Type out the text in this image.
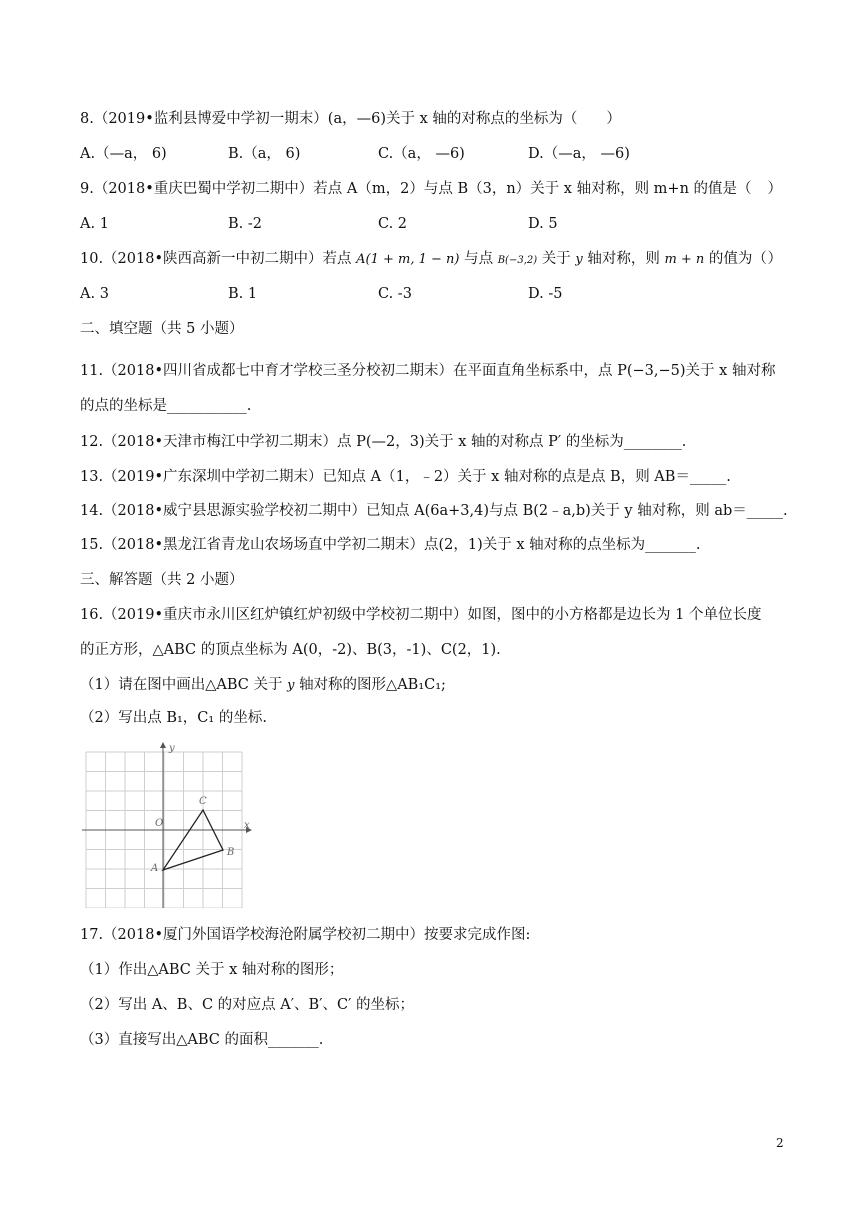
8.（2019•监利县博爱中学初一期末）(a，—6)关于 x 轴的对称点的坐标为（　　）
A.（—a， 6)	B.（a， 6)	C.（a， —6)	D.（—a， —6)
9.（2018•重庆巴蜀中学初二期中）若点 A（m，2）与点 B（3，n）关于 x 轴对称，则 m+n 的值是（ ）
A. 1	B. ‐2	C. 2	D. 5
10.（2018•陕西高新一中初二期中）若点 A(1 + m, 1 − n) 与点 B(−3,2) 关于 y 轴对称，则 m + n 的值为（ ）
A. 3	B. 1	C. -3	D. -5
二、填空题（共 5 小题）
11.（2018•四川省成都七中育才学校三圣分校初二期末）在平面直角坐标系中，点 P(−3,−5)关于 x 轴对称
的点的坐标是___________.
12.（2018•天津市梅江中学初二期末）点 P(—2，3)关于 x 轴的对称点 P′ 的坐标为________.
13.（2019•广东深圳中学初二期末）已知点 A（1，﹣2）关于 x 轴对称的点是点 B，则 AB＝_____.
14.（2018•威宁县思源实验学校初二期中）已知点 A(6a+3,4)与点 B(2﹣a,b)关于 y 轴对称，则 ab＝_____.
15.（2018•黑龙江省青龙山农场场直中学初二期末）点(2，1)关于 x 轴对称的点坐标为_______.
三、解答题（共 2 小题）
16.（2019•重庆市永川区红炉镇红炉初级中学校初二期中）如图，图中的小方格都是边长为 1 个单位长度
的正方形，△ABC 的顶点坐标为 A(0，-2)、B(3，-1)、C(2，1).
（1）请在图中画出△ABC 关于 y 轴对称的图形△AB₁C₁;
（2）写出点 B₁，C₁ 的坐标.
y
x
O
A
B
C
17.（2018•厦门外国语学校海沧附属学校初二期中）按要求完成作图:
（1）作出△ABC 关于 x 轴对称的图形；
（2）写出 A、B、C 的对应点 A′、B′、C′ 的坐标；
（3）直接写出△ABC 的面积_______.
2
